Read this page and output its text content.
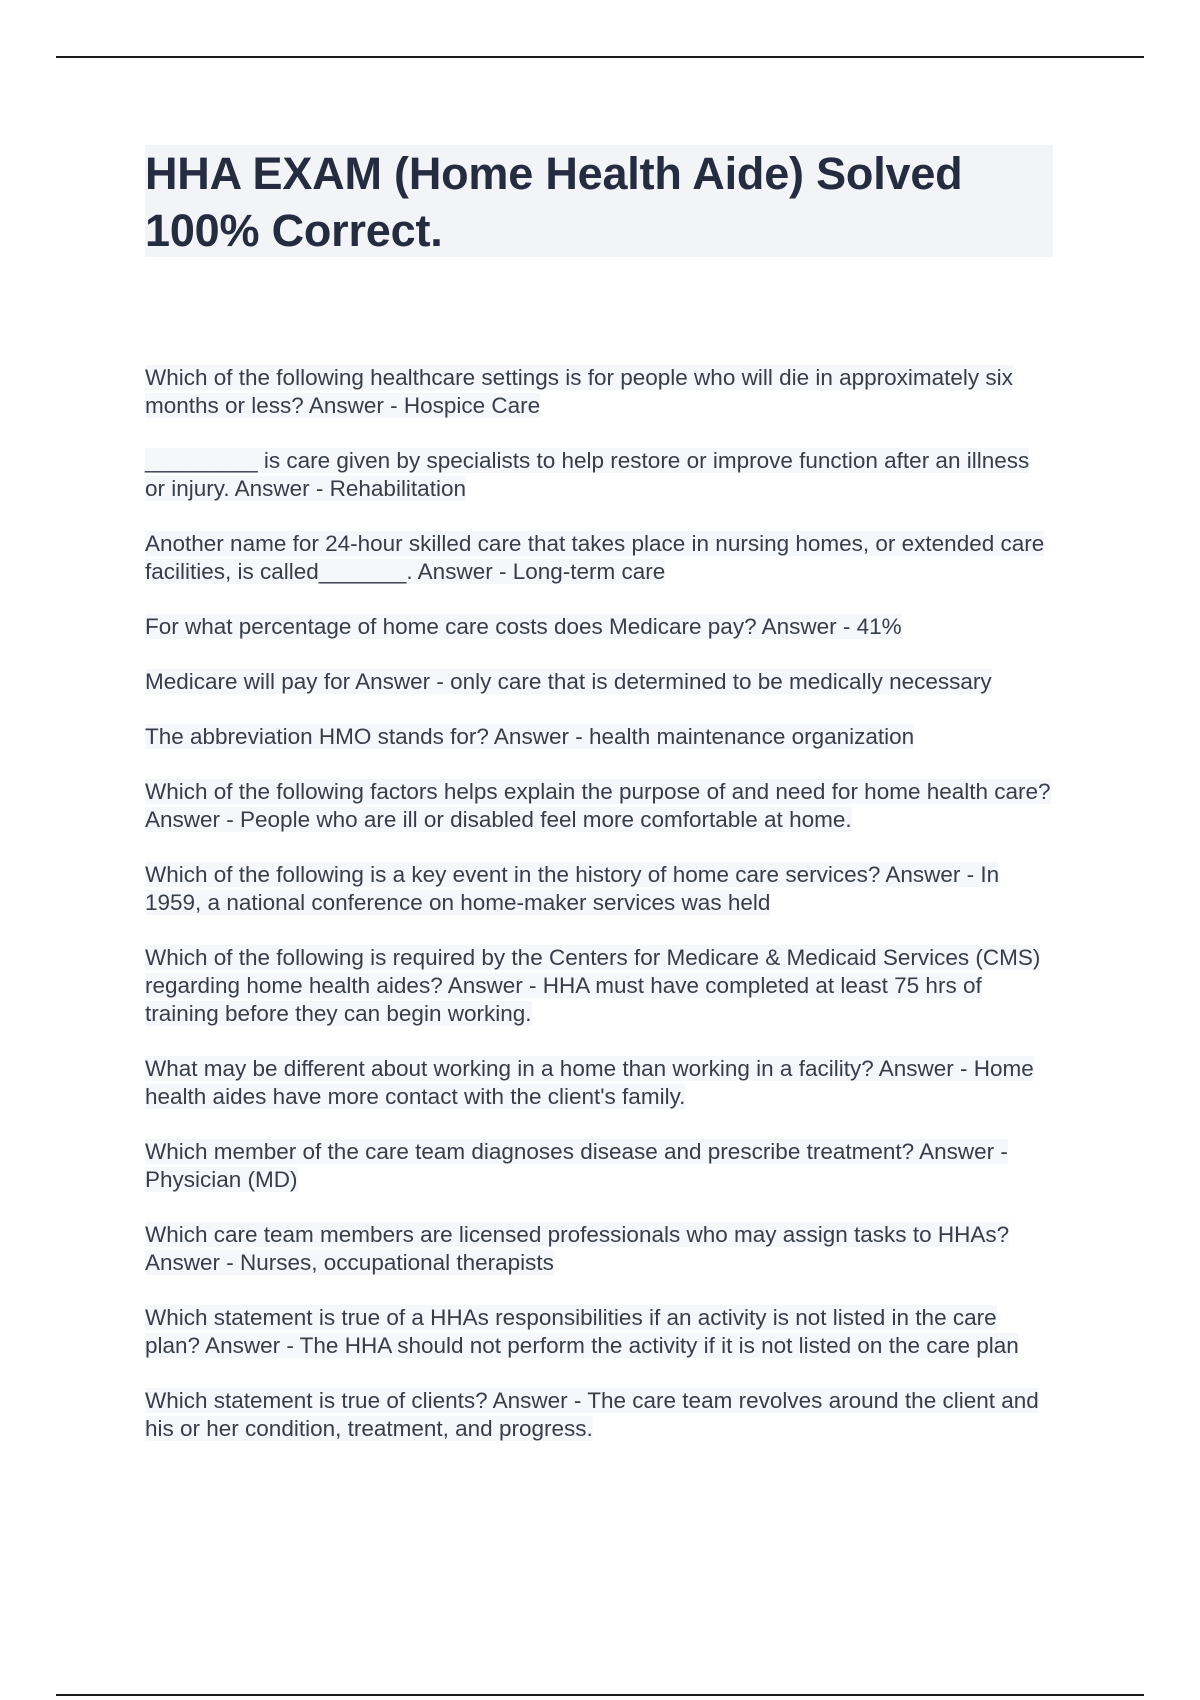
HHA EXAM (Home Health Aide) Solved 100% Correct.

Which of the following healthcare settings is for people who will die in approximately six months or less? Answer - Hospice Care

_________ is care given by specialists to help restore or improve function after an illness or injury. Answer - Rehabilitation

Another name for 24-hour skilled care that takes place in nursing homes, or extended care facilities, is called_______. Answer - Long-term care

For what percentage of home care costs does Medicare pay? Answer - 41%

Medicare will pay for Answer - only care that is determined to be medically necessary

The abbreviation HMO stands for? Answer - health maintenance organization

Which of the following factors helps explain the purpose of and need for home health care? Answer - People who are ill or disabled feel more comfortable at home.

Which of the following is a key event in the history of home care services? Answer - In 1959, a national conference on home-maker services was held

Which of the following is required by the Centers for Medicare & Medicaid Services (CMS) regarding home health aides? Answer - HHA must have completed at least 75 hrs of training before they can begin working.

What may be different about working in a home than working in a facility? Answer - Home health aides have more contact with the client's family.

Which member of the care team diagnoses disease and prescribe treatment? Answer - Physician (MD)

Which care team members are licensed professionals who may assign tasks to HHAs? Answer - Nurses, occupational therapists

Which statement is true of a HHAs responsibilities if an activity is not listed in the care plan? Answer - The HHA should not perform the activity if it is not listed on the care plan

Which statement is true of clients? Answer - The care team revolves around the client and his or her condition, treatment, and progress.
